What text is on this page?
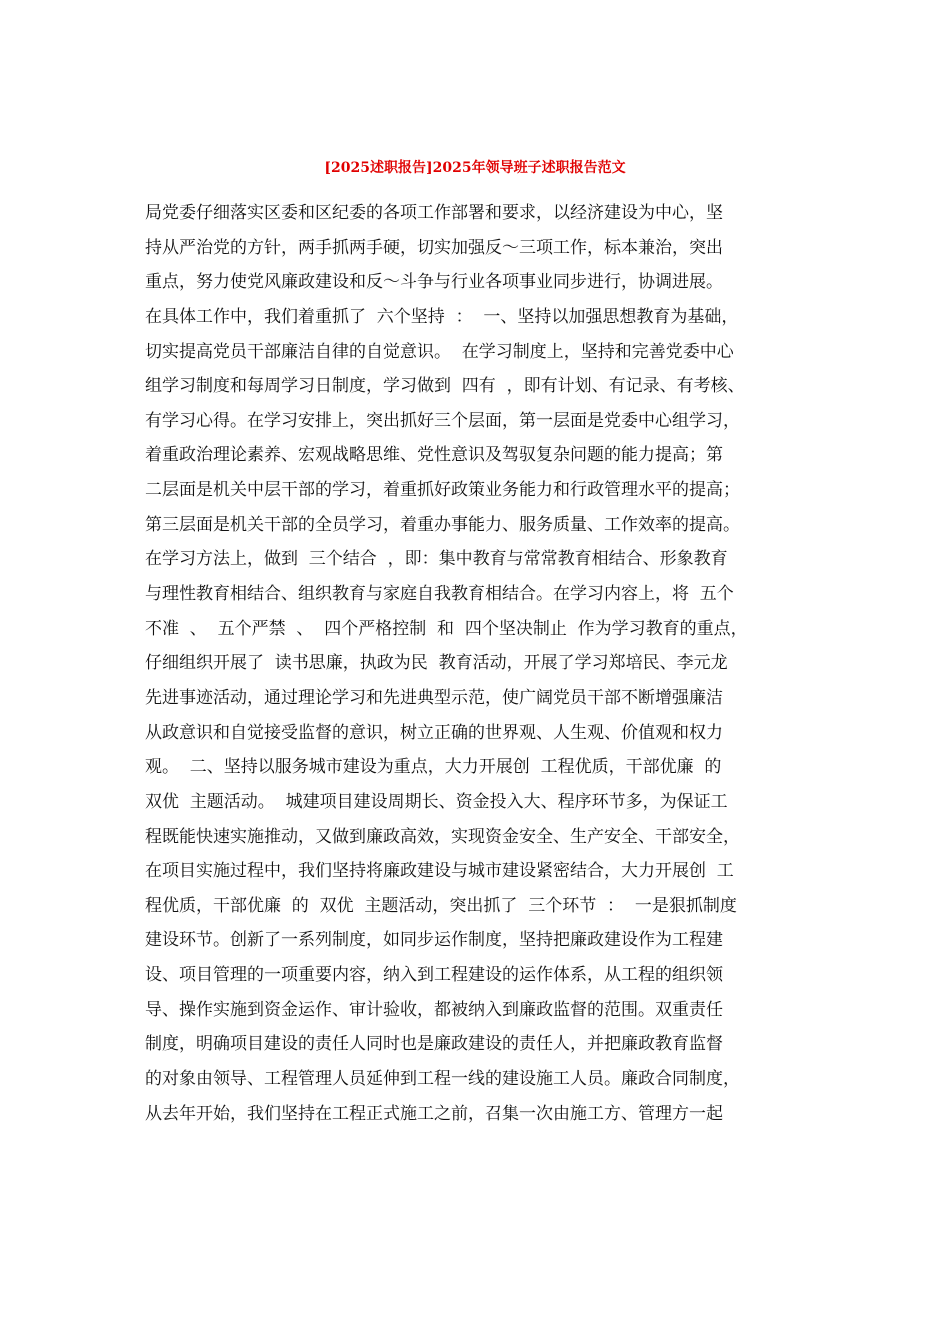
[2025述职报告]2025年领导班子述职报告范文
局党委仔细落实区委和区纪委的各项工作部署和要求，以经济建设为中心，坚
持从严治党的方针，两手抓两手硬，切实加强反～三项工作，标本兼治，突出
重点，努力使党风廉政建设和反～斗争与行业各项事业同步进行，协调进展。
在具体工作中，我们着重抓了  六个坚持  ：  一、坚持以加强思想教育为基础，
切实提高党员干部廉洁自律的自觉意识。  在学习制度上，坚持和完善党委中心
组学习制度和每周学习日制度，学习做到  四有  ，即有计划、有记录、有考核、
有学习心得。在学习安排上，突出抓好三个层面，第一层面是党委中心组学习，
着重政治理论素养、宏观战略思维、党性意识及驾驭复杂问题的能力提高；第
二层面是机关中层干部的学习，着重抓好政策业务能力和行政管理水平的提高；
第三层面是机关干部的全员学习，着重办事能力、服务质量、工作效率的提高。
在学习方法上，做到  三个结合  ，即：集中教育与常常教育相结合、形象教育
与理性教育相结合、组织教育与家庭自我教育相结合。在学习内容上，将  五个
不准  、  五个严禁  、  四个严格控制  和  四个坚决制止  作为学习教育的重点，
仔细组织开展了  读书思廉，执政为民  教育活动，开展了学习郑培民、李元龙
先进事迹活动，通过理论学习和先进典型示范，使广阔党员干部不断增强廉洁
从政意识和自觉接受监督的意识，树立正确的世界观、人生观、价值观和权力
观。  二、坚持以服务城市建设为重点，大力开展创  工程优质，干部优廉  的
双优  主题活动。  城建项目建设周期长、资金投入大、程序环节多，为保证工
程既能快速实施推动，又做到廉政高效，实现资金安全、生产安全、干部安全，
在项目实施过程中，我们坚持将廉政建设与城市建设紧密结合，大力开展创  工
程优质，干部优廉  的  双优  主题活动，突出抓了  三个环节  ：  一是狠抓制度
建设环节。创新了一系列制度，如同步运作制度，坚持把廉政建设作为工程建
设、项目管理的一项重要内容，纳入到工程建设的运作体系，从工程的组织领
导、操作实施到资金运作、审计验收，都被纳入到廉政监督的范围。双重责任
制度，明确项目建设的责任人同时也是廉政建设的责任人，并把廉政教育监督
的对象由领导、工程管理人员延伸到工程一线的建设施工人员。廉政合同制度，
从去年开始，我们坚持在工程正式施工之前，召集一次由施工方、管理方一起
